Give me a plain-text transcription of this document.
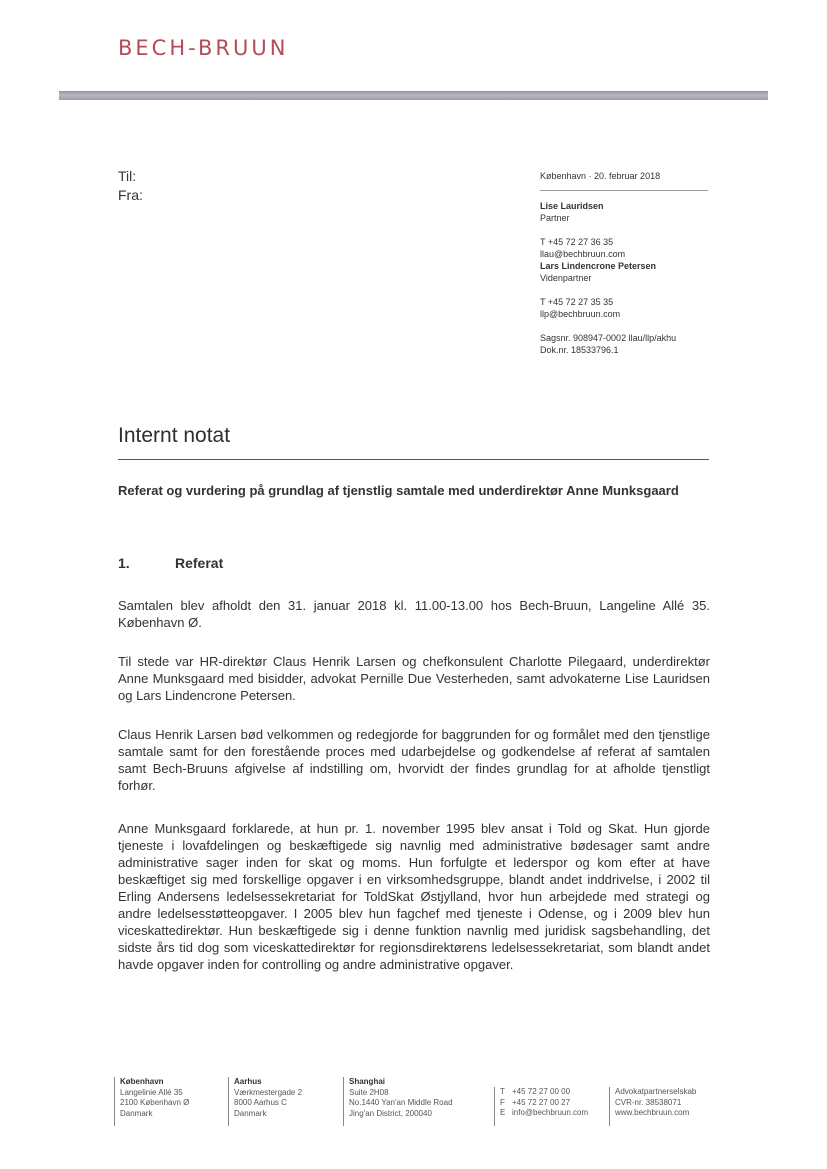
BECH-BRUUN
Til:
Fra:
København · 20. februar 2018
Lise Lauridsen
Partner
T +45 72 27 36 35
llau@bechbruun.com
Lars Lindencrone Petersen
Videnpartner
T +45 72 27 35 35
llp@bechbruun.com
Sagsnr. 908947-0002 llau/llp/akhu
Dok.nr. 18533796.1
Internt notat
Referat og vurdering på grundlag af tjenstlig samtale med underdirektør Anne Munksgaard
1.	Referat
Samtalen blev afholdt den 31. januar 2018 kl. 11.00-13.00 hos Bech-Bruun, Langeline Allé 35. København Ø.
Til stede var HR-direktør Claus Henrik Larsen og chefkonsulent Charlotte Pilegaard, underdirektør Anne Munksgaard med bisidder, advokat Pernille Due Vesterheden, samt advokaterne Lise Lauridsen og Lars Lindencrone Petersen.
Claus Henrik Larsen bød velkommen og redegjorde for baggrunden for og formålet med den tjenstlige samtale samt for den forestående proces med udarbejdelse og godkendelse af referat af samtalen samt Bech-Bruuns afgivelse af indstilling om, hvorvidt der findes grundlag for at afholde tjenstligt forhør.
Anne Munksgaard forklarede, at hun pr. 1. november 1995 blev ansat i Told og Skat. Hun gjorde tjeneste i lovafdelingen og beskæftigede sig navnlig med administrative bødesager samt andre administrative sager inden for skat og moms. Hun forfulgte et lederspor og kom efter at have beskæftiget sig med forskellige opgaver i en virksomhedsgruppe, blandt andet inddrivelse, i 2002 til Erling Andersens ledelsessekretariat for ToldSkat Østjylland, hvor hun arbejdede med strategi og andre ledelsesstøtteopgaver. I 2005 blev hun fagchef med tjeneste i Odense, og i 2009 blev hun viceskattedirektør. Hun beskæftigede sig i denne funktion navnlig med juridisk sagsbehandling, det sidste års tid dog som viceskattedirektør for regionsdirektørens ledelsessekretariat, som blandt andet havde opgaver inden for controlling og andre administrative opgaver.
København
Langelinie Allé 35
2100 København Ø
Danmark
Aarhus
Værkmestergade 2
8000 Aarhus C
Danmark
Shanghai
Suite 2H08
No.1440 Yan'an Middle Road
Jing'an District, 200040
T +45 72 27 00 00
F +45 72 27 00 27
E info@bechbruun.com
Advokatpartnerselskab
CVR-nr. 38538071
www.bechbruun.com
